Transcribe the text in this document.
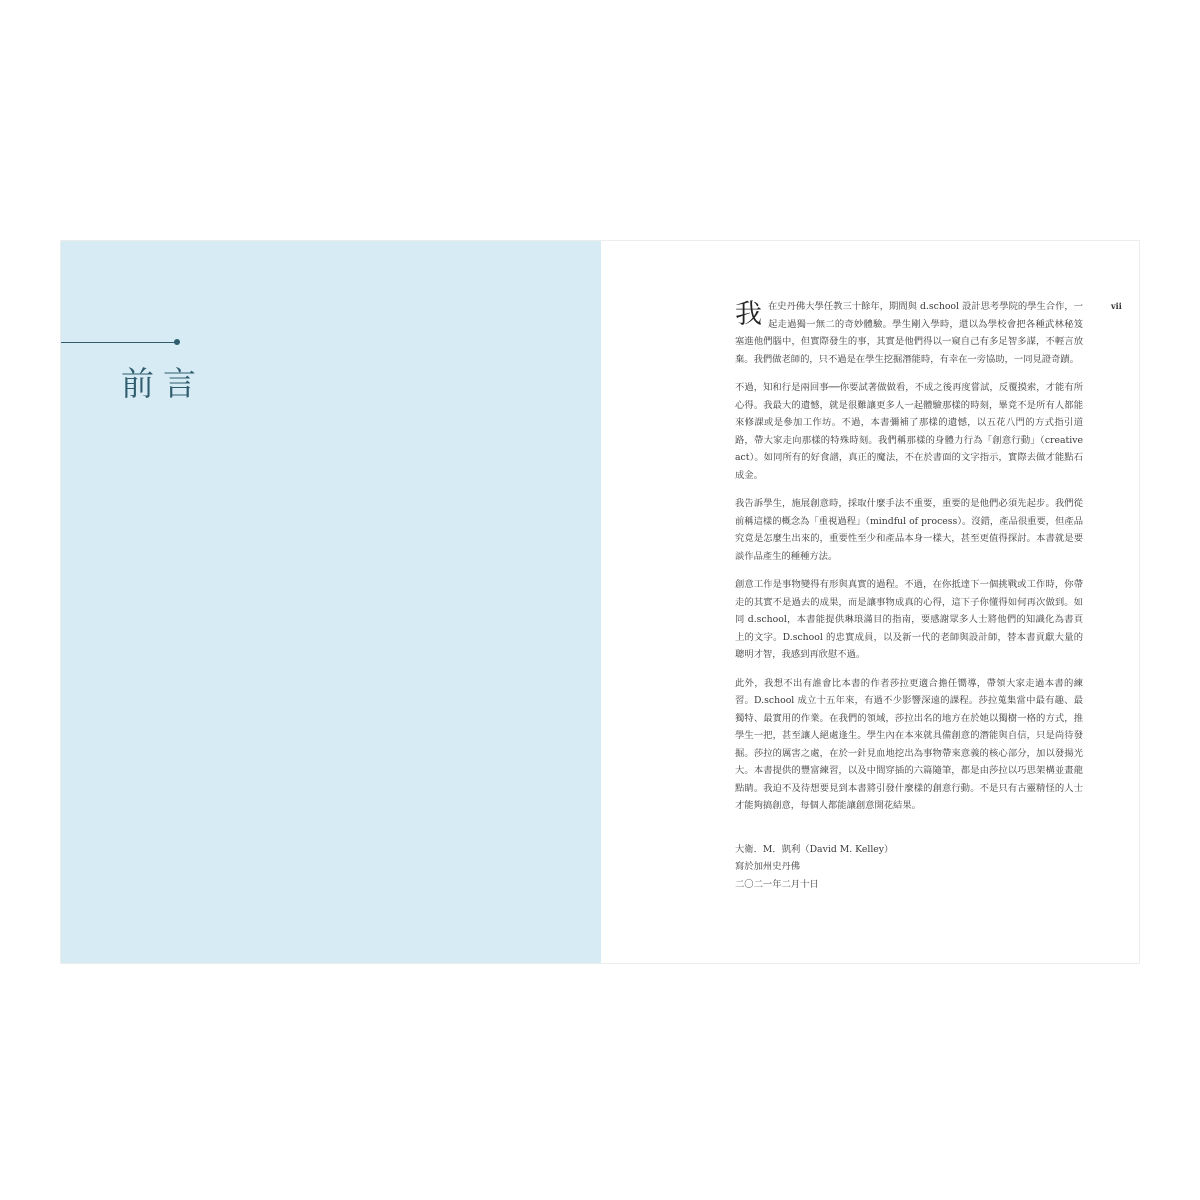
前言
vii

我在史丹佛大學任教三十餘年，期間與 d.school 設計思考學院的學生合作，一起走過獨一無二的奇妙體驗。學生剛入學時，還以為學校會把各種武林秘笈塞進他們腦中，但實際發生的事，其實是他們得以一窺自己有多足智多謀，不輕言放棄。我們做老師的，只不過是在學生挖掘潛能時，有幸在一旁協助，一同見證奇蹟。

不過，知和行是兩回事──你要試著做做看，不成之後再度嘗試，反覆摸索，才能有所心得。我最大的遺憾，就是很難讓更多人一起體驗那樣的時刻，畢竟不是所有人都能來修課或是參加工作坊。不過，本書彌補了那樣的遺憾，以五花八門的方式指引道路，帶大家走向那樣的特殊時刻。我們稱那樣的身體力行為「創意行動」（creative act）。如同所有的好食譜，真正的魔法，不在於書面的文字指示，實際去做才能點石成金。

我告訴學生，施展創意時，採取什麼手法不重要，重要的是他們必須先起步。我們從前稱這樣的概念為「重視過程」（mindful of process）。沒錯，產品很重要，但產品究竟是怎麼生出來的，重要性至少和產品本身一樣大，甚至更值得探討。本書就是要談作品產生的種種方法。

創意工作是事物變得有形與真實的過程。不過，在你抵達下一個挑戰或工作時，你帶走的其實不是過去的成果，而是讓事物成真的心得，這下子你懂得如何再次做到。如同 d.school，本書能提供琳琅滿目的指南，要感謝眾多人士將他們的知識化為書頁上的文字。D.school 的忠實成員，以及新一代的老師與設計師，替本書貢獻大量的聰明才智，我感到再欣慰不過。

此外，我想不出有誰會比本書的作者莎拉更適合擔任嚮導，帶領大家走過本書的練習。D.school 成立十五年來，有過不少影響深遠的課程。莎拉蒐集當中最有趣、最獨特、最實用的作業。在我們的領域，莎拉出名的地方在於她以獨樹一格的方式，推學生一把，甚至讓人絕處逢生。學生內在本來就具備創意的潛能與自信，只是尚待發掘。莎拉的厲害之處，在於一針見血地挖出為事物帶來意義的核心部分，加以發揚光大。本書提供的豐富練習，以及中間穿插的六篇隨筆，都是由莎拉以巧思架構並畫龍點睛。我迫不及待想要見到本書將引發什麼樣的創意行動。不是只有古靈精怪的人士才能夠搞創意，每個人都能讓創意開花結果。

大衛．M．凱利（David M. Kelley）
寫於加州史丹佛
二〇二一年二月十日
